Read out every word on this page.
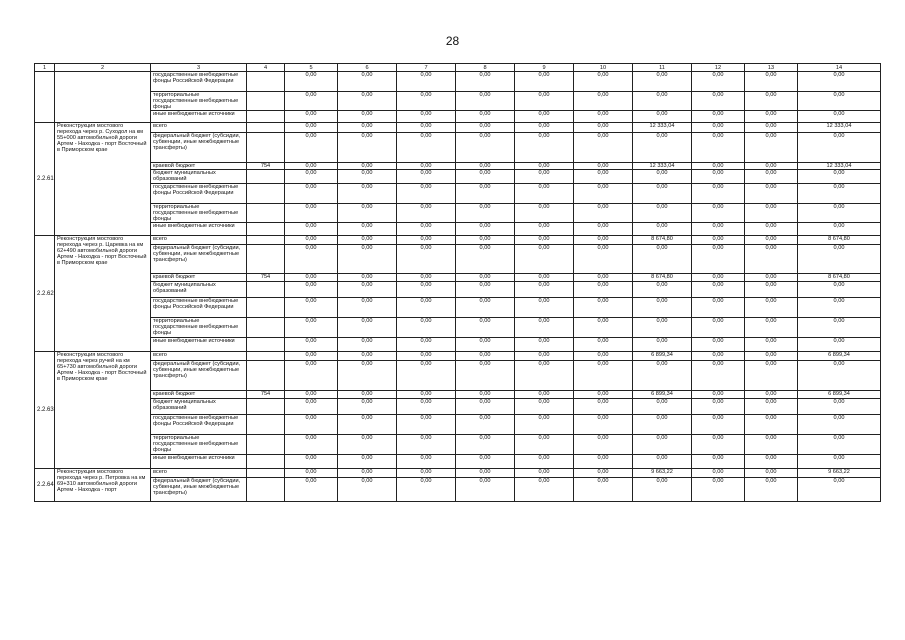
28
1	2	3	4	5	6	7	8	9	10	11	12	13	14
		государственные внебюджетные фонды Российской Федерации		0,00	0,00	0,00	0,00	0,00	0,00	0,00	0,00	0,00	0,00
		территориальные государственные внебюджетные фонды		0,00	0,00	0,00	0,00	0,00	0,00	0,00	0,00	0,00	0,00
		иные внебюджетные источники		0,00	0,00	0,00	0,00	0,00	0,00	0,00	0,00	0,00	0,00
2.2.61	Реконструкция мостового перехода через р. Суходол на км 55+000 автомобильной дороги Артем - Находка - порт Восточный в Приморском крае	всего		0,00	0,00	0,00	0,00	0,00	0,00	12 333,04	0,00	0,00	12 333,04
		федеральный бюджет (субсидии, субвенции, иные межбюджетные трансферты)		0,00	0,00	0,00	0,00	0,00	0,00	0,00	0,00	0,00	0,00
		краевой бюджет	754	0,00	0,00	0,00	0,00	0,00	0,00	12 333,04	0,00	0,00	12 333,04
		бюджет муниципальных образований		0,00	0,00	0,00	0,00	0,00	0,00	0,00	0,00	0,00	0,00
		государственные внебюджетные фонды Российской Федерации		0,00	0,00	0,00	0,00	0,00	0,00	0,00	0,00	0,00	0,00
		территориальные государственные внебюджетные фонды		0,00	0,00	0,00	0,00	0,00	0,00	0,00	0,00	0,00	0,00
		иные внебюджетные источники		0,00	0,00	0,00	0,00	0,00	0,00	0,00	0,00	0,00	0,00
2.2.62	Реконструкция мостового перехода через р. Царевка на км 62+490 автомобильной дороги Артем - Находка - порт Восточный в Приморском крае	всего		0,00	0,00	0,00	0,00	0,00	0,00	8 674,80	0,00	0,00	8 674,80
		федеральный бюджет (субсидии, субвенции, иные межбюджетные трансферты)		0,00	0,00	0,00	0,00	0,00	0,00	0,00	0,00	0,00	0,00
		краевой бюджет	754	0,00	0,00	0,00	0,00	0,00	0,00	8 674,80	0,00	0,00	8 674,80
		бюджет муниципальных образований		0,00	0,00	0,00	0,00	0,00	0,00	0,00	0,00	0,00	0,00
		государственные внебюджетные фонды Российской Федерации		0,00	0,00	0,00	0,00	0,00	0,00	0,00	0,00	0,00	0,00
		территориальные государственные внебюджетные фонды		0,00	0,00	0,00	0,00	0,00	0,00	0,00	0,00	0,00	0,00
		иные внебюджетные источники		0,00	0,00	0,00	0,00	0,00	0,00	0,00	0,00	0,00	0,00
2.2.63	Реконструкция мостового перехода через ручей на км 65+730 автомобильной дороги Артем - Находка - порт Восточный в Приморском крае	всего		0,00	0,00	0,00	0,00	0,00	0,00	6 899,34	0,00	0,00	6 899,34
		федеральный бюджет (субсидии, субвенции, иные межбюджетные трансферты)		0,00	0,00	0,00	0,00	0,00	0,00	0,00	0,00	0,00	0,00
		краевой бюджет	754	0,00	0,00	0,00	0,00	0,00	0,00	6 899,34	0,00	0,00	6 899,34
		бюджет муниципальных образований		0,00	0,00	0,00	0,00	0,00	0,00	0,00	0,00	0,00	0,00
		государственные внебюджетные фонды Российской Федерации		0,00	0,00	0,00	0,00	0,00	0,00	0,00	0,00	0,00	0,00
		территориальные государственные внебюджетные фонды		0,00	0,00	0,00	0,00	0,00	0,00	0,00	0,00	0,00	0,00
		иные внебюджетные источники		0,00	0,00	0,00	0,00	0,00	0,00	0,00	0,00	0,00	0,00
2.2.64	Реконструкция мостового перехода через р. Петровка на км 69+310 автомобильной дороги Артем - Находка - порт	всего		0,00	0,00	0,00	0,00	0,00	0,00	9 663,22	0,00	0,00	9 663,22
		федеральный бюджет (субсидии, субвенции, иные межбюджетные трансферты)		0,00	0,00	0,00	0,00	0,00	0,00	0,00	0,00	0,00	0,00
